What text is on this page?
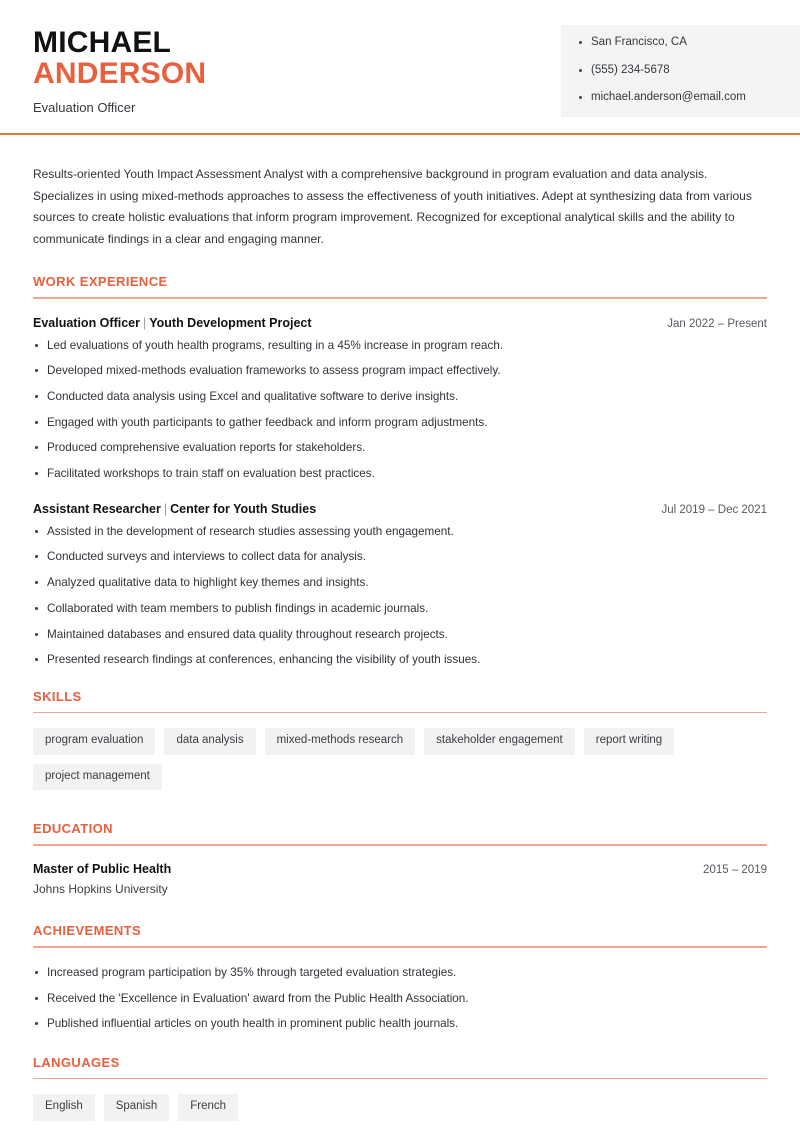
MICHAEL
ANDERSON
Evaluation Officer
San Francisco, CA
(555) 234-5678
michael.anderson@email.com

Results-oriented Youth Impact Assessment Analyst with a comprehensive background in program evaluation and data analysis. Specializes in using mixed-methods approaches to assess the effectiveness of youth initiatives. Adept at synthesizing data from various sources to create holistic evaluations that inform program improvement. Recognized for exceptional analytical skills and the ability to communicate findings in a clear and engaging manner.

WORK EXPERIENCE
Evaluation Officer | Youth Development Project	Jan 2022 – Present
Led evaluations of youth health programs, resulting in a 45% increase in program reach.
Developed mixed-methods evaluation frameworks to assess program impact effectively.
Conducted data analysis using Excel and qualitative software to derive insights.
Engaged with youth participants to gather feedback and inform program adjustments.
Produced comprehensive evaluation reports for stakeholders.
Facilitated workshops to train staff on evaluation best practices.
Assistant Researcher | Center for Youth Studies	Jul 2019 – Dec 2021
Assisted in the development of research studies assessing youth engagement.
Conducted surveys and interviews to collect data for analysis.
Analyzed qualitative data to highlight key themes and insights.
Collaborated with team members to publish findings in academic journals.
Maintained databases and ensured data quality throughout research projects.
Presented research findings at conferences, enhancing the visibility of youth issues.
SKILLS
program evaluation	data analysis	mixed-methods research	stakeholder engagement	report writing
project management
EDUCATION
Master of Public Health	2015 – 2019
Johns Hopkins University
ACHIEVEMENTS
Increased program participation by 35% through targeted evaluation strategies.
Received the 'Excellence in Evaluation' award from the Public Health Association.
Published influential articles on youth health in prominent public health journals.
LANGUAGES
English	Spanish	French
